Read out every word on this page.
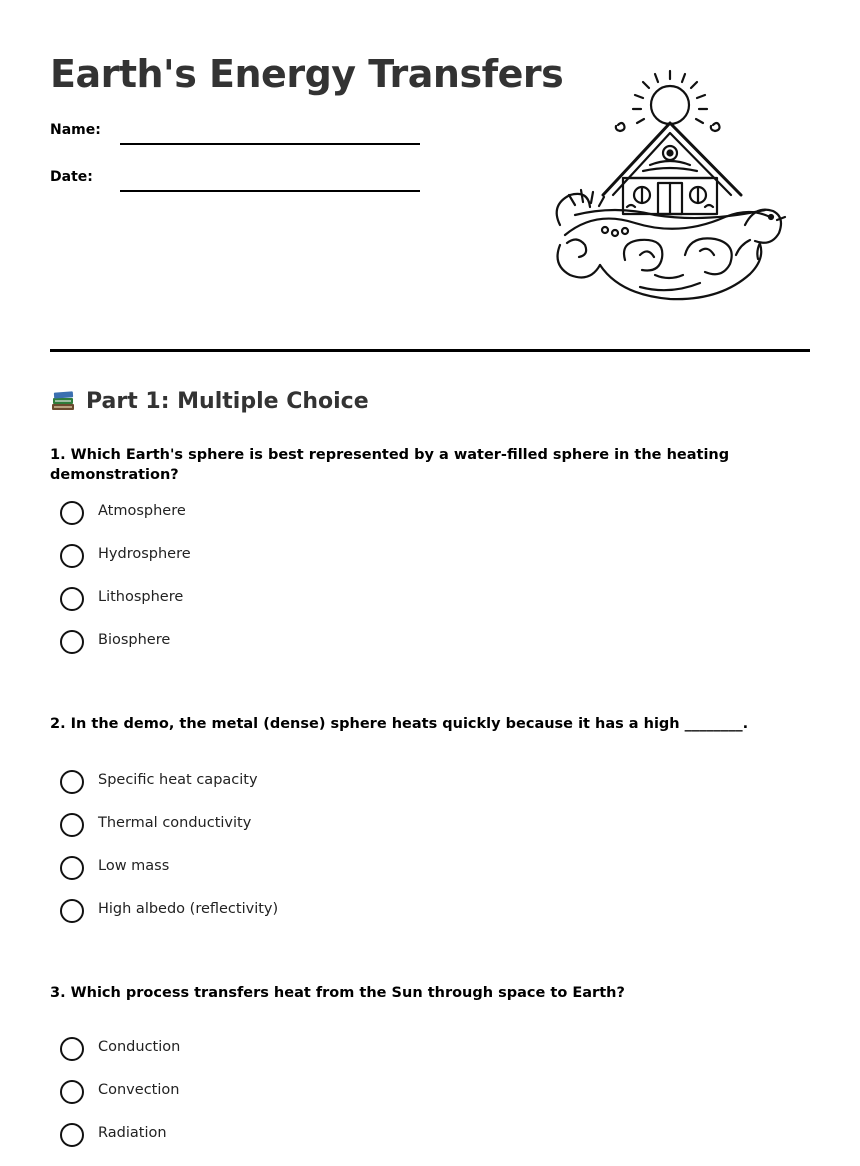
Earth's Energy Transfers
Name:
Date:
Part 1: Multiple Choice

1. Which Earth's sphere is best represented by a water-filled sphere in the heating demonstration?

Atmosphere
Hydrosphere
Lithosphere
Biosphere

2. In the demo, the metal (dense) sphere heats quickly because it has a high ________.

Specific heat capacity
Thermal conductivity
Low mass
High albedo (reflectivity)

3. Which process transfers heat from the Sun through space to Earth?

Conduction
Convection
Radiation
